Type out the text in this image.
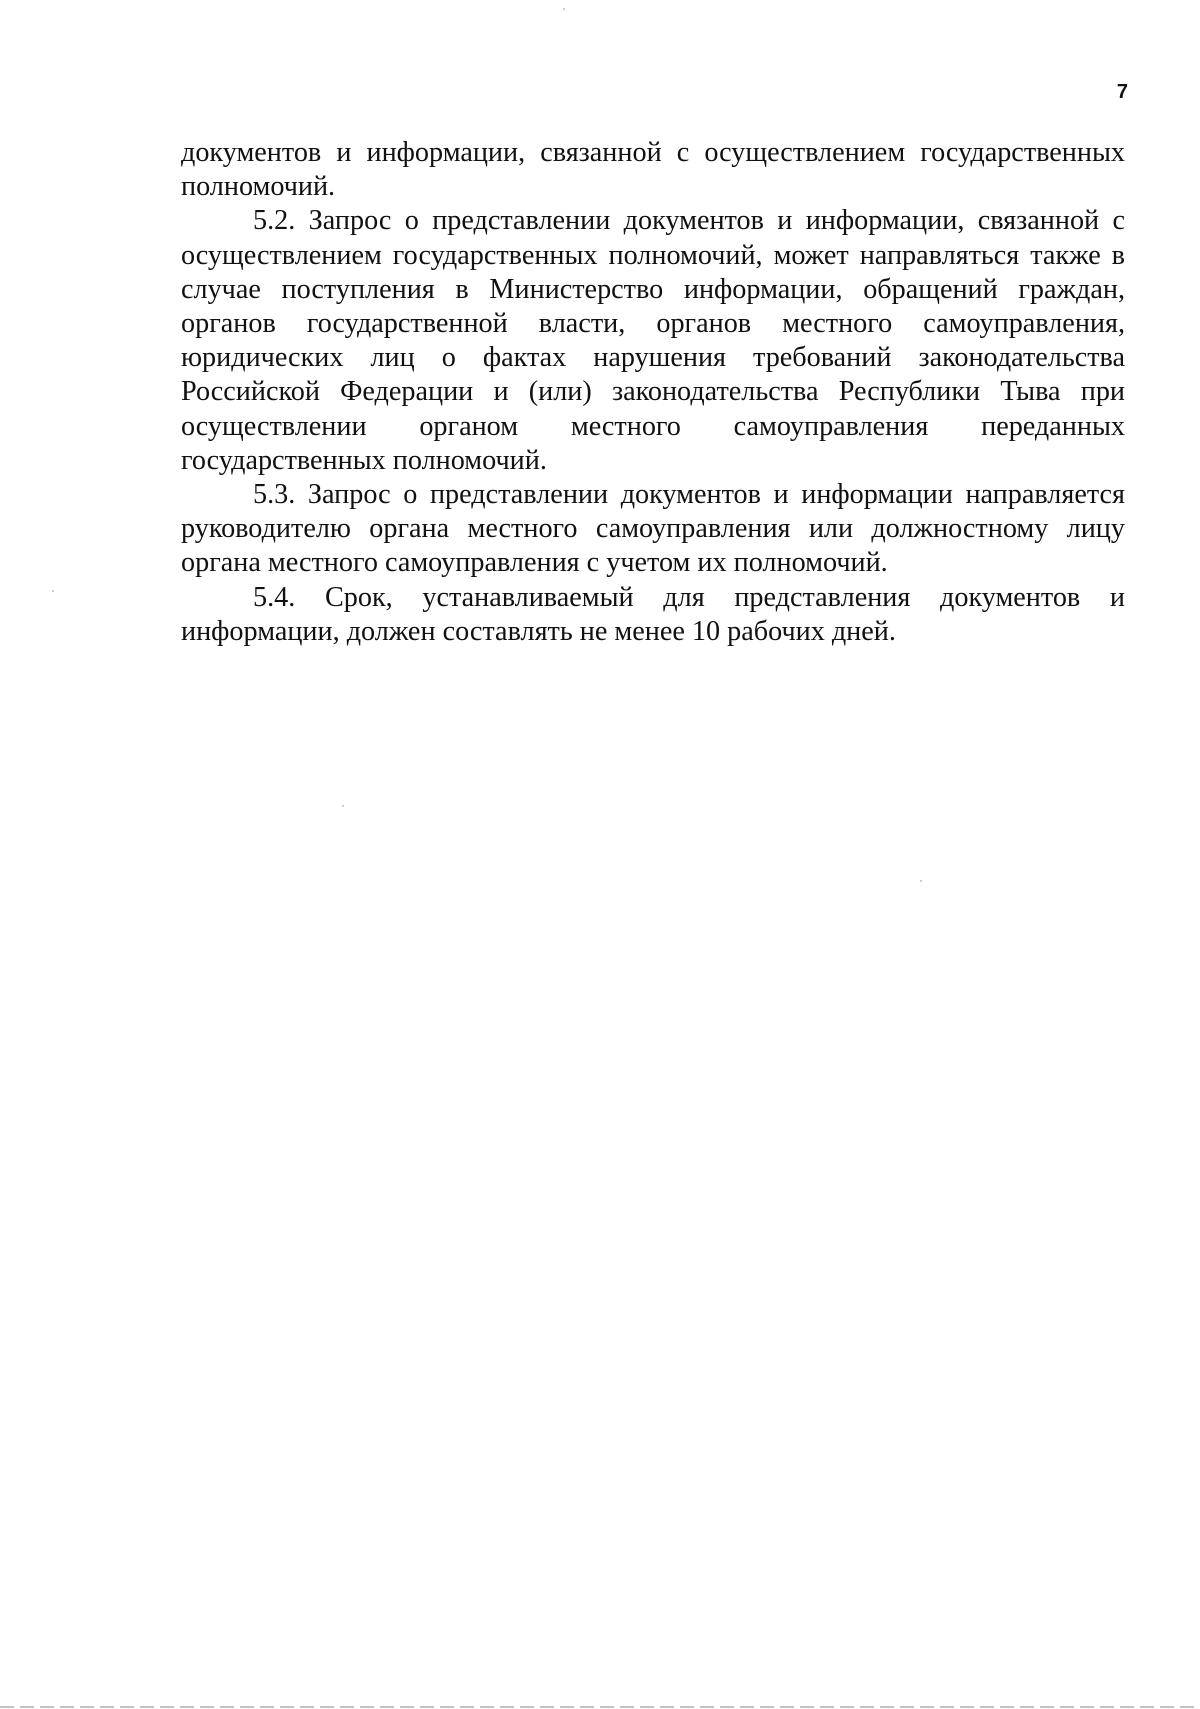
7

документов и информации, связанной с осуществлением государственных полномочий.

5.2. Запрос о представлении документов и информации, связанной с осуществлением государственных полномочий, может направляться также в случае поступления в Министерство информации, обращений граждан, органов государственной власти, органов местного самоуправления, юридических лиц о фактах нарушения требований законодательства Российской Федерации и (или) законодательства Республики Тыва при осуществлении органом местного самоуправления переданных государственных полномочий.

5.3. Запрос о представлении документов и информации направляется руководителю органа местного самоуправления или должностному лицу органа местного самоуправления с учетом их полномочий.

5.4. Срок, устанавливаемый для представления документов и информации, должен составлять не менее 10 рабочих дней.
